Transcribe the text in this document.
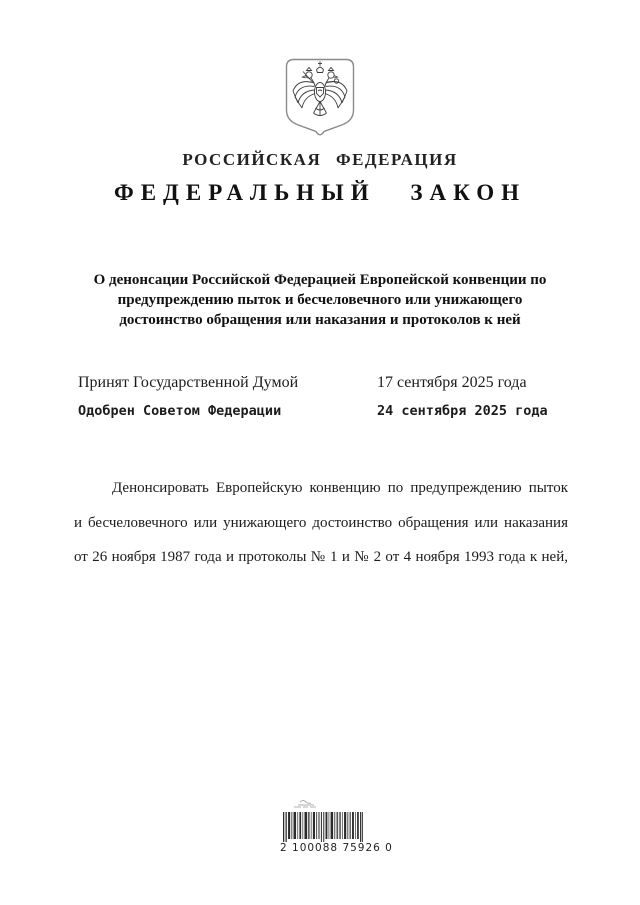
РОССИЙСКАЯ ФЕДЕРАЦИЯ
ФЕДЕРАЛЬНЫЙ ЗАКОН
О денонсации Российской Федерацией Европейской конвенции по
предупреждению пыток и бесчеловечного или унижающего
достоинство обращения или наказания и протоколов к ней
Принят Государственной Думой	17 сентября 2025 года
Одобрен Советом Федерации	24 сентября 2025 года
Денонсировать Европейскую конвенцию по предупреждению пыток
и бесчеловечного или унижающего достоинство обращения или наказания
от 26 ноября 1987 года и протоколы № 1 и № 2 от 4 ноября 1993 года к ней,
2 100088 75926 0
